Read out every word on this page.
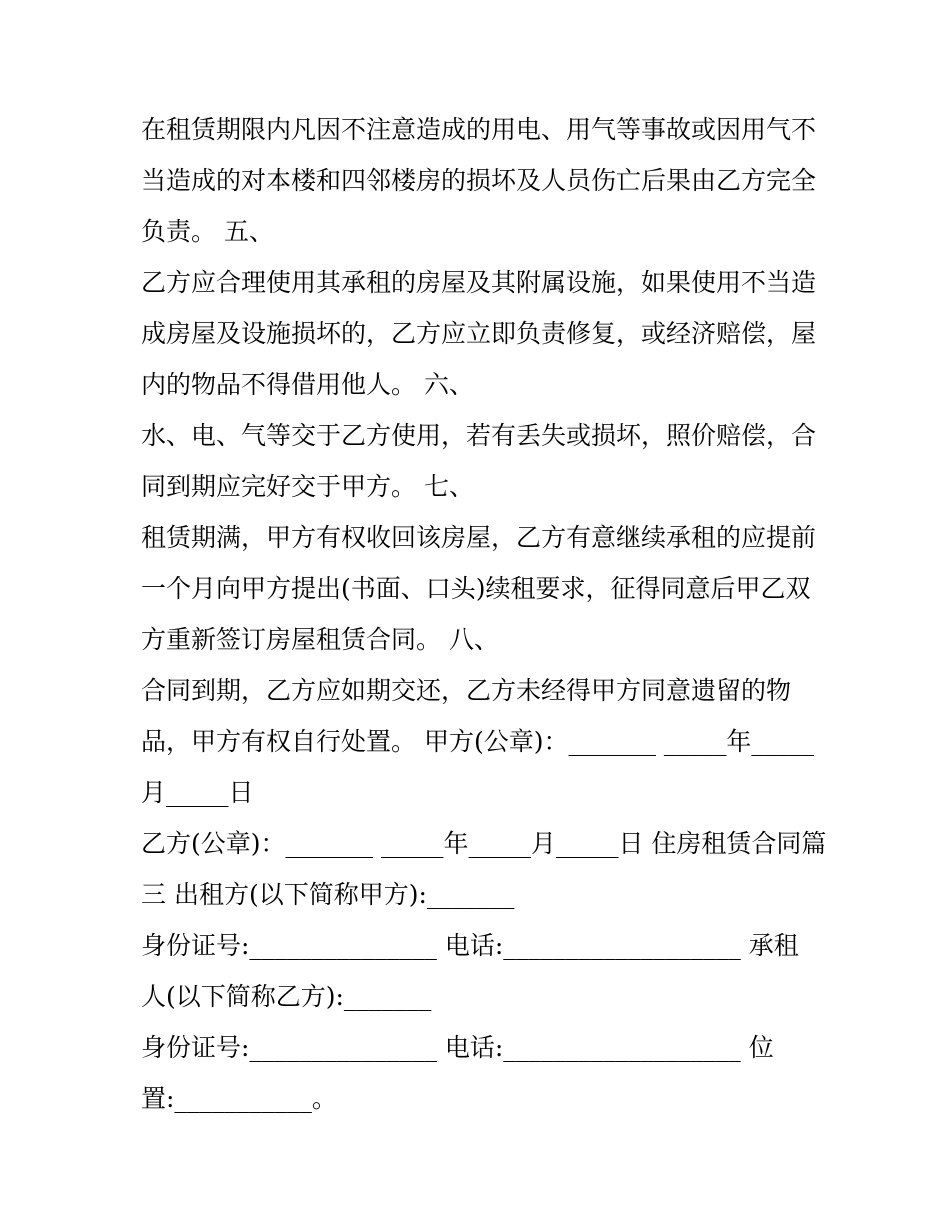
在租赁期限内凡因不注意造成的用电、用气等事故或因用气不
当造成的对本楼和四邻楼房的损坏及人员伤亡后果由乙方完全
负责。 五、
乙方应合理使用其承租的房屋及其附属设施，如果使用不当造
成房屋及设施损坏的，乙方应立即负责修复，或经济赔偿，屋
内的物品不得借用他人。 六、
水、电、气等交于乙方使用，若有丢失或损坏，照价赔偿，合
同到期应完好交于甲方。 七、
租赁期满，甲方有权收回该房屋，乙方有意继续承租的应提前
一个月向甲方提出(书面、口头)续租要求，征得同意后甲乙双
方重新签订房屋租赁合同。 八、
合同到期，乙方应如期交还，乙方未经得甲方同意遗留的物
品，甲方有权自行处置。 甲方(公章)：_______ _____年_____
月_____日
乙方(公章)：_______ _____年_____月_____日 住房租赁合同篇
三 出租方(以下简称甲方):_______
身份证号:_______________ 电话:___________________ 承租
人(以下简称乙方):_______
身份证号:_______________ 电话:___________________ 位
置:___________。
